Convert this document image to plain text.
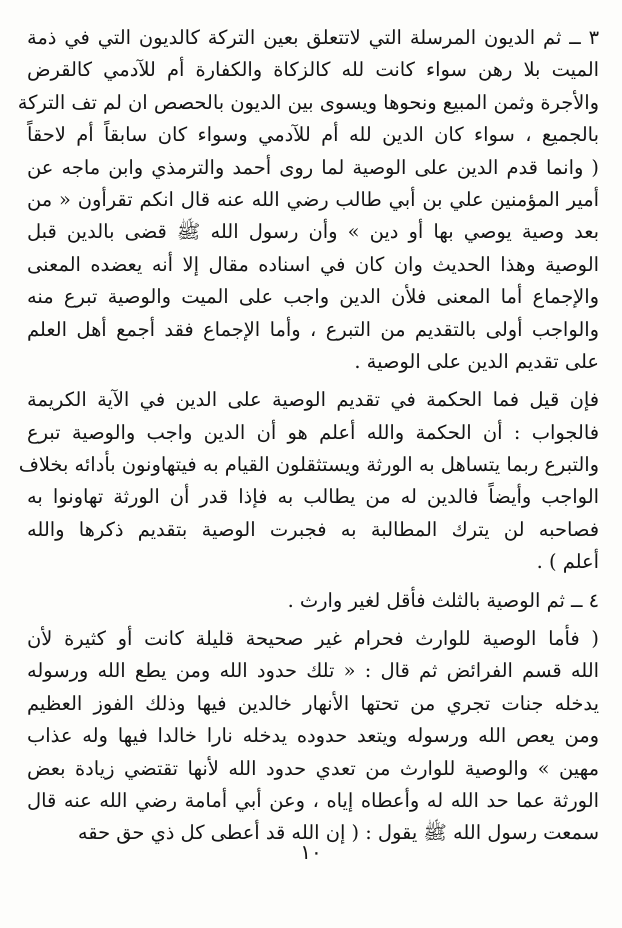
٣ ــ ثم الديون المرسلة التي لاتتعلق بعين التركة كالديون التي في ذمة
الميت بلا رهن سواء كانت لله كالزكاة والكفارة أم للآدمي كالقرض
والأجرة وثمن المبيع ونحوها ويسوى بين الديون بالحصص ان لم تف التركة
بالجميع ، سواء كان الدين لله أم للآدمي وسواء كان سابقاً أم لاحقاً
( وانما قدم الدين على الوصية لما روى أحمد والترمذي وابن ماجه عن
أمير المؤمنين علي بن أبي طالب رضي الله عنه قال انكم تقرأون « من
بعد وصية يوصي بها أو دين » وأن رسول الله ﷺ قضى بالدين قبل
الوصية وهذا الحديث وان كان في اسناده مقال إلا أنه يعضده المعنى
والإجماع أما المعنى فلأن الدين واجب على الميت والوصية تبرع منه
والواجب أولى بالتقديم من التبرع ، وأما الإجماع فقد أجمع أهل العلم
على تقديم الدين على الوصية .
فإن قيل فما الحكمة في تقديم الوصية على الدين في الآية الكريمة
فالجواب : أن الحكمة والله أعلم هو أن الدين واجب والوصية تبرع
والتبرع ربما يتساهل به الورثة ويستثقلون القيام به فيتهاونون بأدائه بخلاف
الواجب وأيضاً فالدين له من يطالب به فإذا قدر أن الورثة تهاونوا به
فصاحبه لن يترك المطالبة به فجبرت الوصية بتقديم ذكرها والله
أعلم ) .
٤ ــ ثم الوصية بالثلث فأقل لغير وارث .
( فأما الوصية للوارث فحرام غير صحيحة قليلة كانت أو كثيرة لأن
الله قسم الفرائض ثم قال : « تلك حدود الله ومن يطع الله ورسوله
يدخله جنات تجري من تحتها الأنهار خالدين فيها وذلك الفوز العظيم
ومن يعص الله ورسوله ويتعد حدوده يدخله نارا خالدا فيها وله عذاب
مهين » والوصية للوارث من تعدي حدود الله لأنها تقتضي زيادة بعض
الورثة عما حد الله له وأعطاه إياه ، وعن أبي أمامة رضي الله عنه قال
سمعت رسول الله ﷺ يقول : ( إن الله قد أعطى كل ذي حق حقه
١٠
